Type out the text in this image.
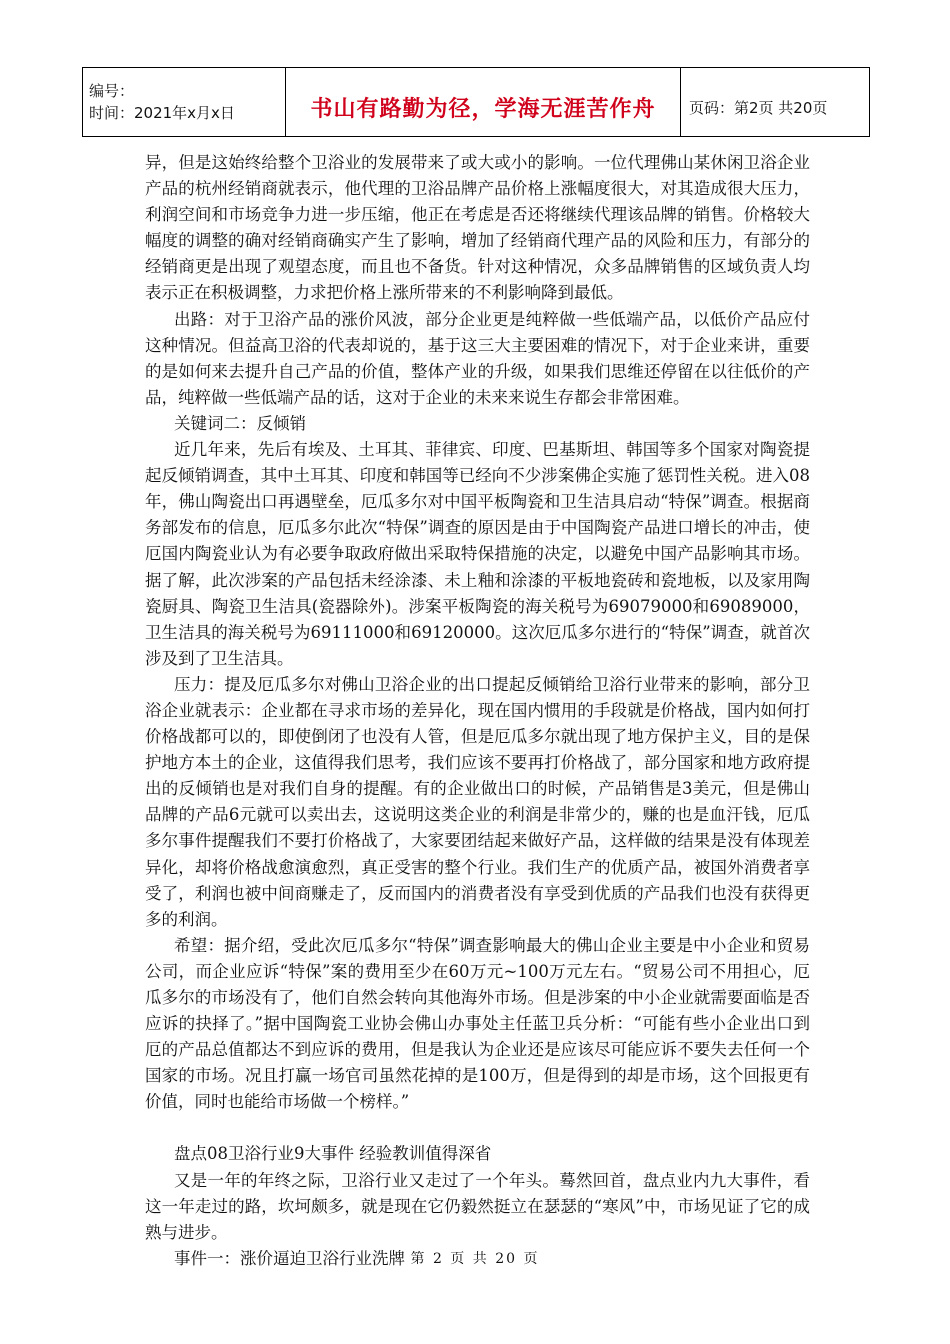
编号：
时间：2021年x月x日	书山有路勤为径，学海无涯苦作舟	页码：第2页 共20页

异，但是这始终给整个卫浴业的发展带来了或大或小的影响。一位代理佛山某休闲卫浴企业产品的杭州经销商就表示，他代理的卫浴品牌产品价格上涨幅度很大，对其造成很大压力，利润空间和市场竞争力进一步压缩，他正在考虑是否还将继续代理该品牌的销售。价格较大幅度的调整的确对经销商确实产生了影响，增加了经销商代理产品的风险和压力，有部分的经销商更是出现了观望态度，而且也不备货。针对这种情况，众多品牌销售的区域负责人均表示正在积极调整，力求把价格上涨所带来的不利影响降到最低。

出路：对于卫浴产品的涨价风波，部分企业更是纯粹做一些低端产品，以低价产品应付这种情况。但益高卫浴的代表却说的，基于这三大主要困难的情况下，对于企业来讲，重要的是如何来去提升自己产品的价值，整体产业的升级，如果我们思维还停留在以往低价的产品，纯粹做一些低端产品的话，这对于企业的未来来说生存都会非常困难。

关键词二：反倾销

近几年来，先后有埃及、土耳其、菲律宾、印度、巴基斯坦、韩国等多个国家对陶瓷提起反倾销调查，其中土耳其、印度和韩国等已经向不少涉案佛企实施了惩罚性关税。进入08年，佛山陶瓷出口再遇壁垒，厄瓜多尔对中国平板陶瓷和卫生洁具启动“特保”调查。根据商务部发布的信息，厄瓜多尔此次“特保”调查的原因是由于中国陶瓷产品进口增长的冲击，使厄国内陶瓷业认为有必要争取政府做出采取特保措施的决定，以避免中国产品影响其市场。据了解，此次涉案的产品包括未经涂漆、未上釉和涂漆的平板地瓷砖和瓷地板，以及家用陶瓷厨具、陶瓷卫生洁具(瓷器除外)。涉案平板陶瓷的海关税号为69079000和69089000，卫生洁具的海关税号为69111000和69120000。这次厄瓜多尔进行的“特保”调查，就首次涉及到了卫生洁具。

压力：提及厄瓜多尔对佛山卫浴企业的出口提起反倾销给卫浴行业带来的影响，部分卫浴企业就表示：企业都在寻求市场的差异化，现在国内惯用的手段就是价格战，国内如何打价格战都可以的，即使倒闭了也没有人管，但是厄瓜多尔就出现了地方保护主义，目的是保护地方本土的企业，这值得我们思考，我们应该不要再打价格战了，部分国家和地方政府提出的反倾销也是对我们自身的提醒。有的企业做出口的时候，产品销售是3美元，但是佛山品牌的产品6元就可以卖出去，这说明这类企业的利润是非常少的，赚的也是血汗钱，厄瓜多尔事件提醒我们不要打价格战了，大家要团结起来做好产品，这样做的结果是没有体现差异化，却将价格战愈演愈烈，真正受害的整个行业。我们生产的优质产品，被国外消费者享受了，利润也被中间商赚走了，反而国内的消费者没有享受到优质的产品我们也没有获得更多的利润。

希望：据介绍，受此次厄瓜多尔“特保”调查影响最大的佛山企业主要是中小企业和贸易公司，而企业应诉“特保”案的费用至少在60万元~100万元左右。“贸易公司不用担心，厄瓜多尔的市场没有了，他们自然会转向其他海外市场。但是涉案的中小企业就需要面临是否应诉的抉择了。”据中国陶瓷工业协会佛山办事处主任蓝卫兵分析：“可能有些小企业出口到厄的产品总值都达不到应诉的费用，但是我认为企业还是应该尽可能应诉不要失去任何一个国家的市场。况且打赢一场官司虽然花掉的是100万，但是得到的却是市场，这个回报更有价值，同时也能给市场做一个榜样。”

盘点08卫浴行业9大事件 经验教训值得深省

又是一年的年终之际，卫浴行业又走过了一个年头。蓦然回首，盘点业内九大事件，看这一年走过的路，坎坷颇多，就是现在它仍毅然挺立在瑟瑟的“寒风”中，市场见证了它的成熟与进步。

事件一：涨价逼迫卫浴行业洗牌 第 2 页 共 20 页
